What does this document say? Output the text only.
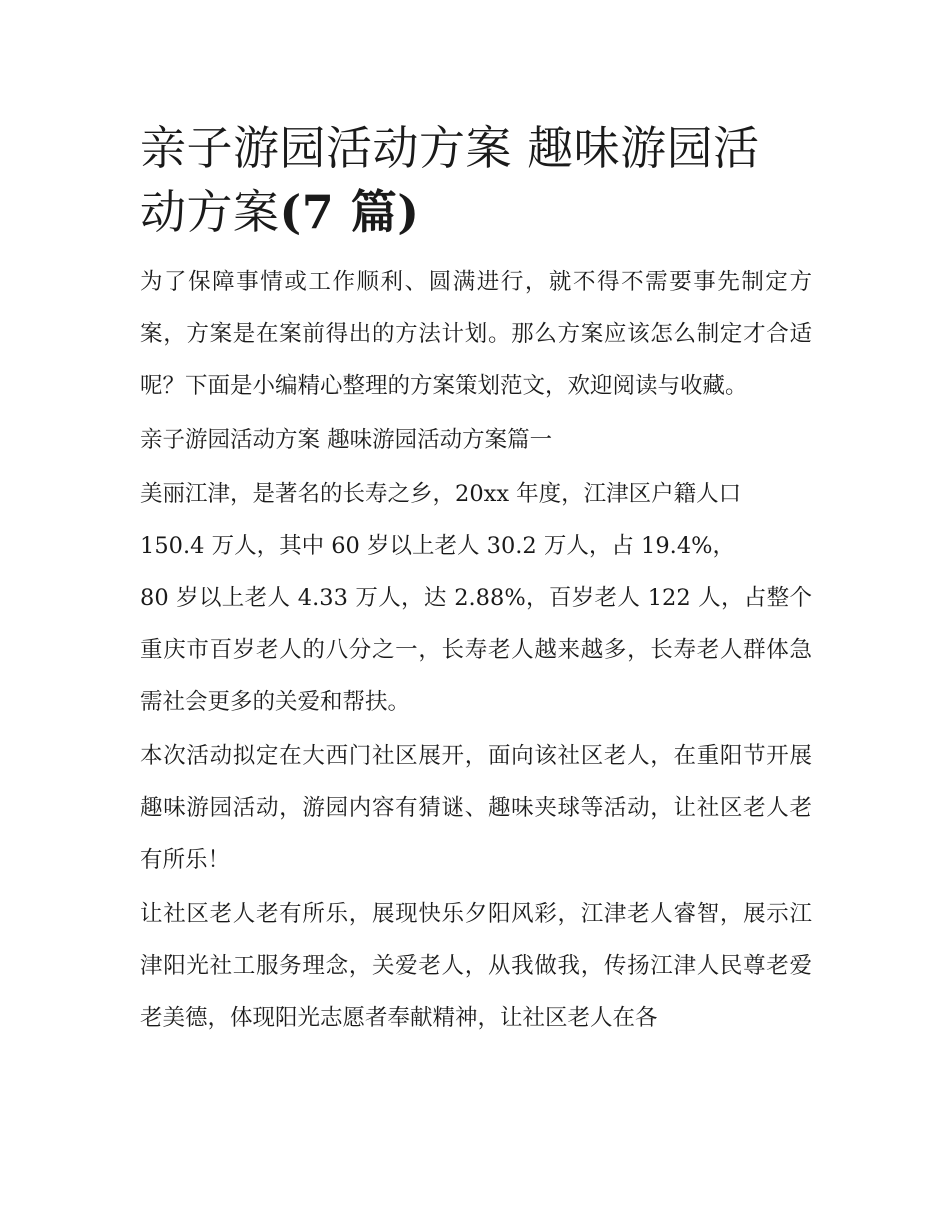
亲子游园活动方案 趣味游园活
动方案(7 篇)

为了保障事情或工作顺利、圆满进行，就不得不需要事先制定方案，方案是在案前得出的方法计划。那么方案应该怎么制定才合适呢？下面是小编精心整理的方案策划范文，欢迎阅读与收藏。

亲子游园活动方案 趣味游园活动方案篇一

美丽江津，是著名的长寿之乡，20xx 年度，江津区户籍人口
150.4 万人，其中 60 岁以上老人 30.2 万人，占 19.4%，

80 岁以上老人 4.33 万人，达 2.88%，百岁老人 122 人，占整个重庆市百岁老人的八分之一，长寿老人越来越多，长寿老人群体急需社会更多的关爱和帮扶。

本次活动拟定在大西门社区展开，面向该社区老人，在重阳节开展趣味游园活动，游园内容有猜谜、趣味夹球等活动，让社区老人老有所乐！

让社区老人老有所乐，展现快乐夕阳风彩，江津老人睿智，展示江津阳光社工服务理念，关爱老人，从我做我，传扬江津人民尊老爱老美德，体现阳光志愿者奉献精神，让社区老人在各
